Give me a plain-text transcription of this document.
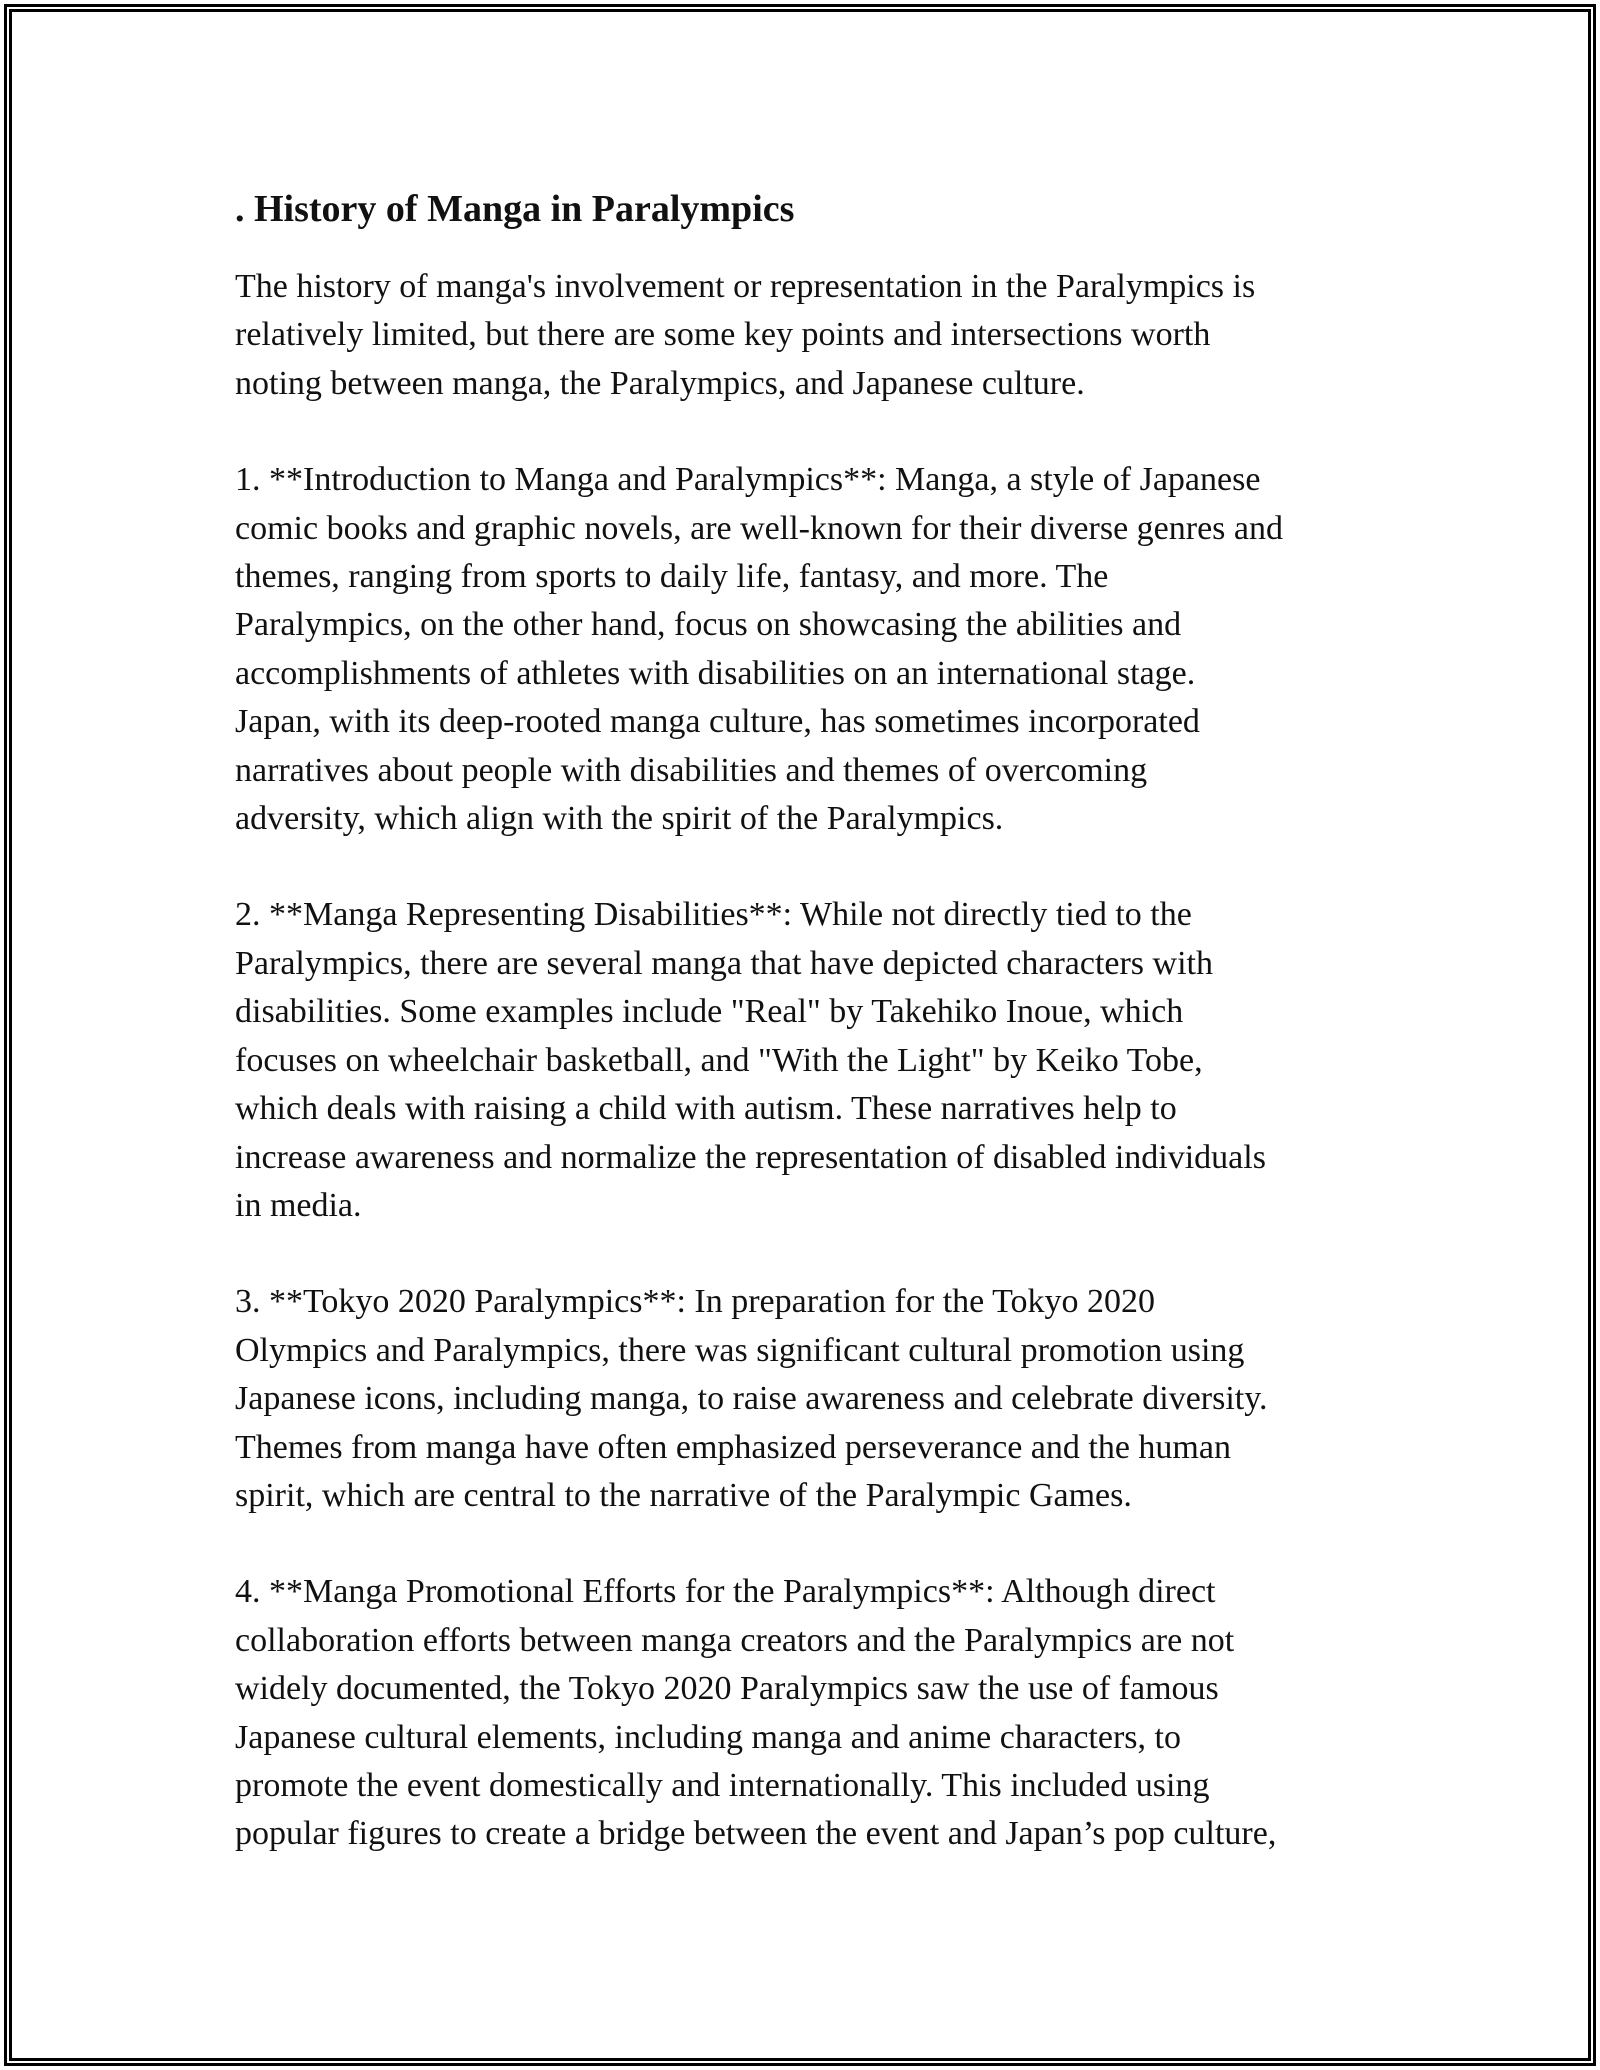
. History of Manga in Paralympics

The history of manga's involvement or representation in the Paralympics is
relatively limited, but there are some key points and intersections worth
noting between manga, the Paralympics, and Japanese culture.

1. **Introduction to Manga and Paralympics**: Manga, a style of Japanese
comic books and graphic novels, are well-known for their diverse genres and
themes, ranging from sports to daily life, fantasy, and more. The
Paralympics, on the other hand, focus on showcasing the abilities and
accomplishments of athletes with disabilities on an international stage.
Japan, with its deep-rooted manga culture, has sometimes incorporated
narratives about people with disabilities and themes of overcoming
adversity, which align with the spirit of the Paralympics.

2. **Manga Representing Disabilities**: While not directly tied to the
Paralympics, there are several manga that have depicted characters with
disabilities. Some examples include "Real" by Takehiko Inoue, which
focuses on wheelchair basketball, and "With the Light" by Keiko Tobe,
which deals with raising a child with autism. These narratives help to
increase awareness and normalize the representation of disabled individuals
in media.

3. **Tokyo 2020 Paralympics**: In preparation for the Tokyo 2020
Olympics and Paralympics, there was significant cultural promotion using
Japanese icons, including manga, to raise awareness and celebrate diversity.
Themes from manga have often emphasized perseverance and the human
spirit, which are central to the narrative of the Paralympic Games.

4. **Manga Promotional Efforts for the Paralympics**: Although direct
collaboration efforts between manga creators and the Paralympics are not
widely documented, the Tokyo 2020 Paralympics saw the use of famous
Japanese cultural elements, including manga and anime characters, to
promote the event domestically and internationally. This included using
popular figures to create a bridge between the event and Japan’s pop culture,
